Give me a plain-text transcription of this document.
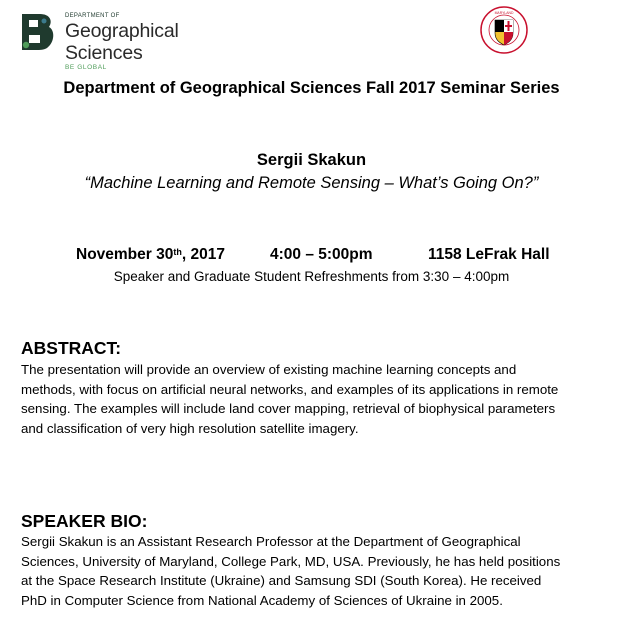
DEPARTMENT OF
Geographical Sciences
BE GLOBAL
MARYLAND
Department of Geographical Sciences Fall 2017 Seminar Series
Sergii Skakun
“Machine Learning and Remote Sensing – What’s Going On?”
November 30th, 2017	4:00 – 5:00pm	1158 LeFrak Hall
Speaker and Graduate Student Refreshments from 3:30 – 4:00pm
ABSTRACT:
The presentation will provide an overview of existing machine learning concepts and
methods, with focus on artificial neural networks, and examples of its applications in remote
sensing. The examples will include land cover mapping, retrieval of biophysical parameters
and classification of very high resolution satellite imagery.
SPEAKER BIO:
Sergii Skakun is an Assistant Research Professor at the Department of Geographical
Sciences, University of Maryland, College Park, MD, USA. Previously, he has held positions
at the Space Research Institute (Ukraine) and Samsung SDI (South Korea). He received
PhD in Computer Science from National Academy of Sciences of Ukraine in 2005.
